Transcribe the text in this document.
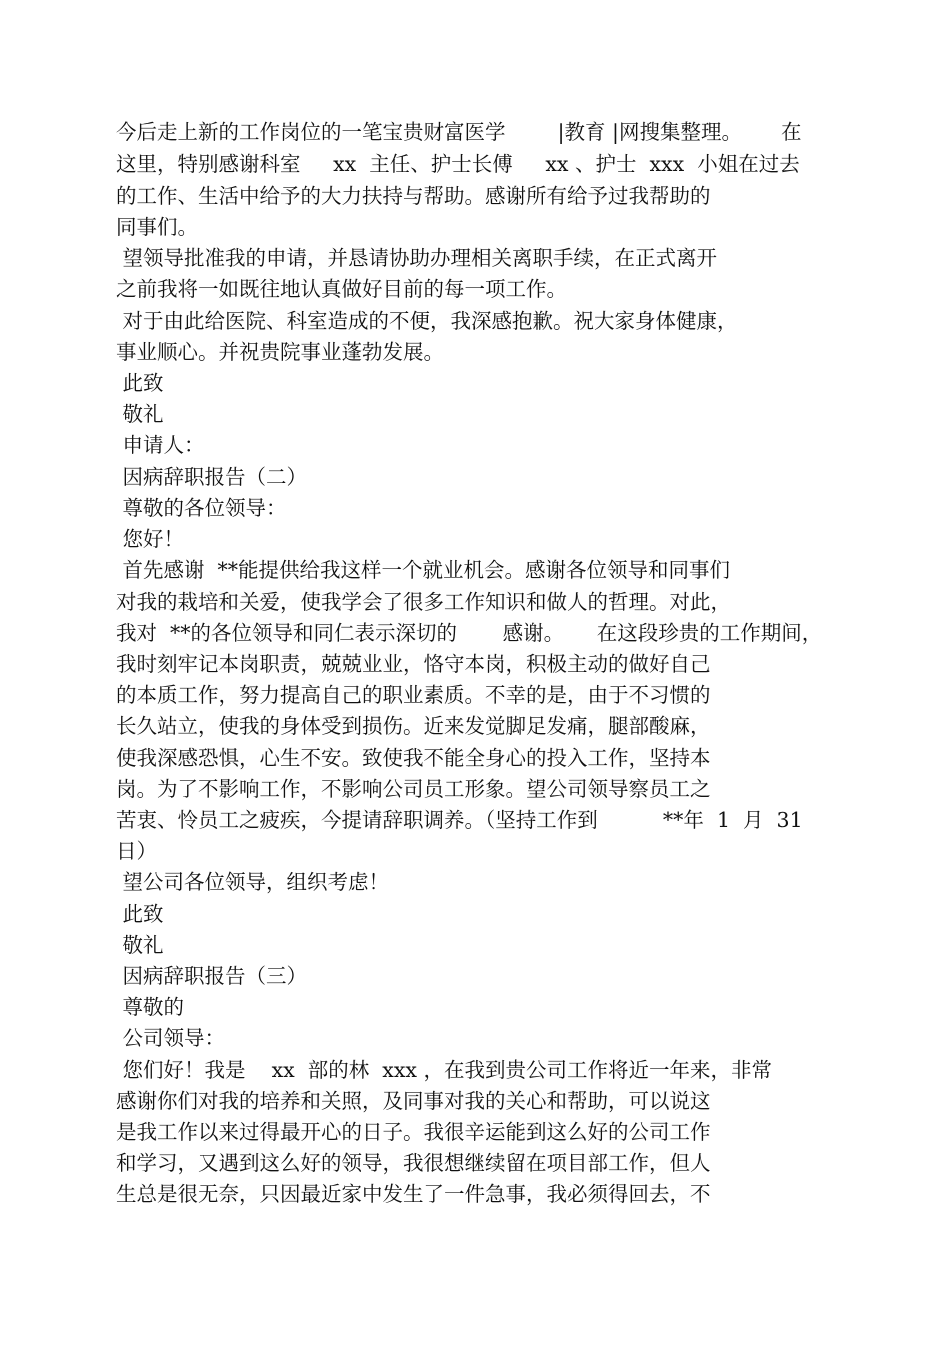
今后走上新的工作岗位的一笔宝贵财富医学        |教育 |网搜集整理。      在
这里，特别感谢科室     xx  主任、护士长傅     xx 、护士  xxx  小姐在过去
的工作、生活中给予的大力扶持与帮助。感谢所有给予过我帮助的
同事们。
望领导批准我的申请，并恳请协助办理相关离职手续，在正式离开
之前我将一如既往地认真做好目前的每一项工作。
对于由此给医院、科室造成的不便，我深感抱歉。祝大家身体健康，
事业顺心。并祝贵院事业蓬勃发展。
此致
敬礼
申请人：
因病辞职报告（二）
尊敬的各位领导：
您好！
首先感谢  **能提供给我这样一个就业机会。感谢各位领导和同事们
对我的栽培和关爱，使我学会了很多工作知识和做人的哲理。对此，
我对  **的各位领导和同仁表示深切的       感谢。     在这段珍贵的工作期间，
我时刻牢记本岗职责，兢兢业业，恪守本岗，积极主动的做好自己
的本质工作，努力提高自己的职业素质。不幸的是，由于不习惯的
长久站立，使我的身体受到损伤。近来发觉脚足发痛，腿部酸麻，
使我深感恐惧，心生不安。致使我不能全身心的投入工作，坚持本
岗。为了不影响工作，不影响公司员工形象。望公司领导察员工之
苦衷、怜员工之疲疾，今提请辞职调养。（坚持工作到          **年  1  月  31
日）
望公司各位领导，组织考虑！
此致
敬礼
因病辞职报告（三）
尊敬的
公司领导：
您们好！我是    xx  部的林  xxx ，在我到贵公司工作将近一年来，非常
感谢你们对我的培养和关照，及同事对我的关心和帮助，可以说这
是我工作以来过得最开心的日子。我很辛运能到这么好的公司工作
和学习，又遇到这么好的领导，我很想继续留在项目部工作，但人
生总是很无奈，只因最近家中发生了一件急事，我必须得回去，不
